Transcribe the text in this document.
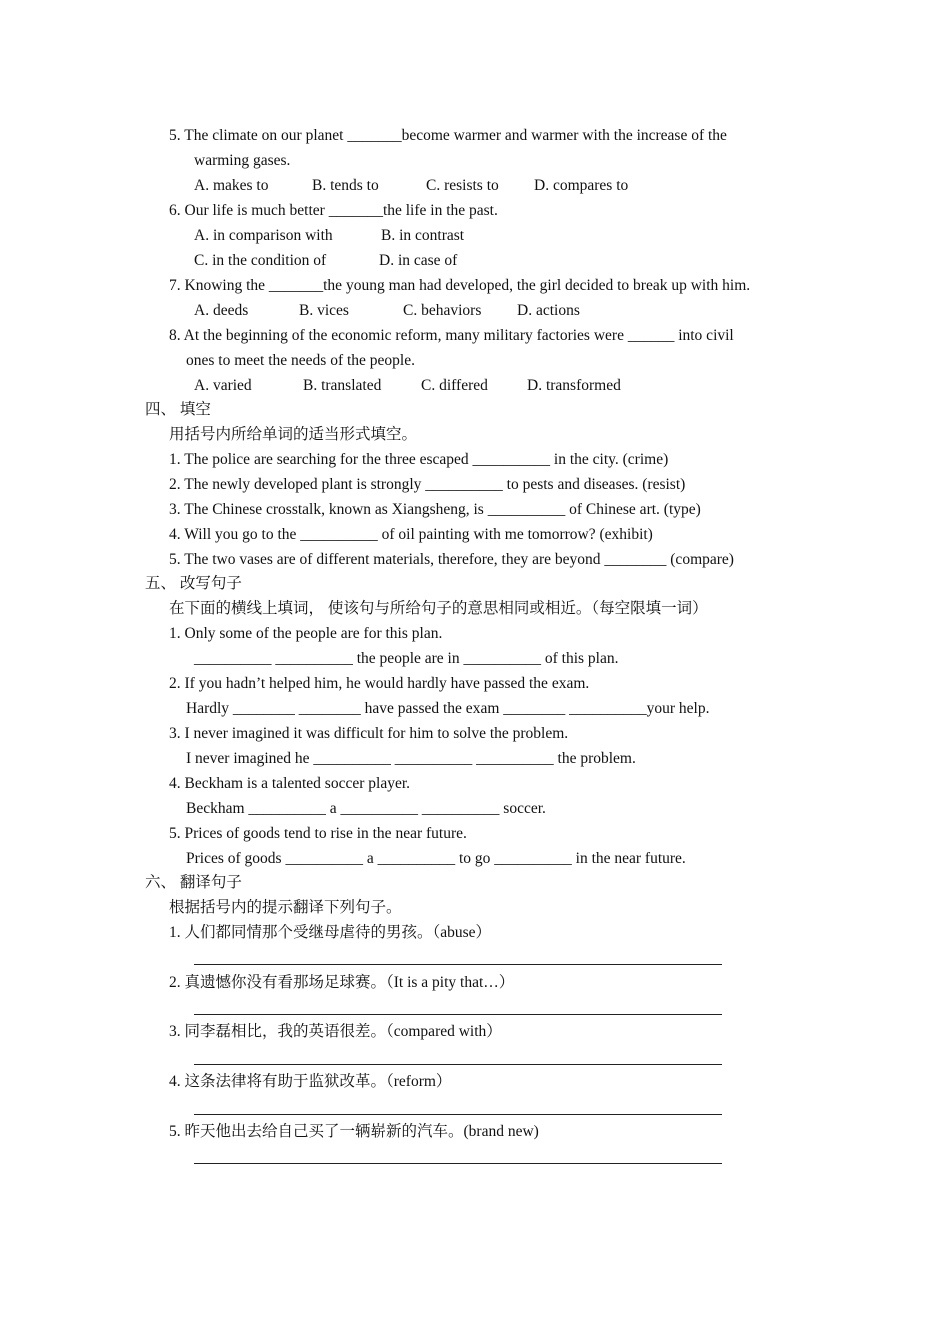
5. The climate on our planet _______become warmer and warmer with the increase of the
warming gases.
A. makes to	B. tends to	C. resists to D. compares to
6. Our life is much better _______the life in the past.
A. in comparison with	B. in contrast
C. in the condition of	D. in case of
7. Knowing the _______the young man had developed, the girl decided to break up with him.
A. deeds	B. vices	C. behaviors D. actions
8. At the beginning of the economic reform, many military factories were ______ into civil
ones to meet the needs of the people.
A. varied	B. translated	C. differed	D. transformed
四、 填空
用括号内所给单词的适当形式填空。
1. The police are searching for the three escaped __________ in the city. (crime)
2. The newly developed plant is strongly __________ to pests and diseases. (resist)
3. The Chinese crosstalk, known as Xiangsheng, is __________ of Chinese art. (type)
4. Will you go to the __________ of oil painting with me tomorrow? (exhibit)
5. The two vases are of different materials, therefore, they are beyond ________ (compare)
五、 改写句子
在下面的横线上填词， 使该句与所给句子的意思相同或相近。（每空限填一词）
1. Only some of the people are for this plan.
__________ __________ the people are in __________ of this plan.
2. If you hadn’t helped him, he would hardly have passed the exam.
Hardly ________ ________ have passed the exam ________ __________your help.
3. I never imagined it was difficult for him to solve the problem.
I never imagined he __________ __________ __________ the problem.
4. Beckham is a talented soccer player.
Beckham __________ a __________ __________ soccer.
5. Prices of goods tend to rise in the near future.
Prices of goods __________ a __________ to go __________ in the near future.
六、 翻译句子
根据括号内的提示翻译下列句子。
1. 人们都同情那个受继母虐待的男孩。（abuse）
2. 真遗憾你没有看那场足球赛。（It is a pity that…）
3. 同李磊相比，我的英语很差。（compared with）
4. 这条法律将有助于监狱改革。（reform）
5. 昨天他出去给自己买了一辆崭新的汽车。(brand new)
